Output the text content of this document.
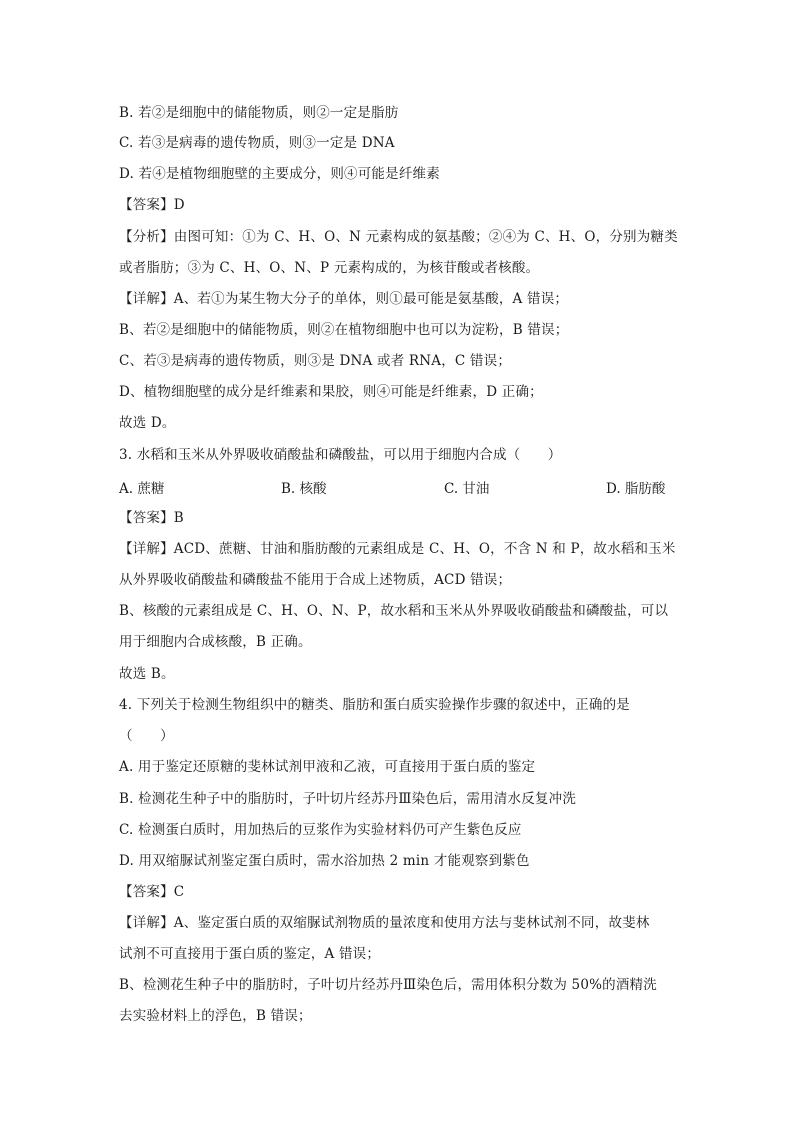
B. 若②是细胞中的储能物质，则②一定是脂肪
C. 若③是病毒的遗传物质，则③一定是 DNA
D. 若④是植物细胞壁的主要成分，则④可能是纤维素
【答案】D
【分析】由图可知：①为 C、H、O、N 元素构成的氨基酸；②④为 C、H、O，分别为糖类
或者脂肪；③为 C、H、O、N、P 元素构成的，为核苷酸或者核酸。
【详解】A、若①为某生物大分子的单体，则①最可能是氨基酸，A 错误；
B、若②是细胞中的储能物质，则②在植物细胞中也可以为淀粉，B 错误；
C、若③是病毒的遗传物质，则③是 DNA 或者 RNA，C 错误；
D、植物细胞壁的成分是纤维素和果胶，则④可能是纤维素，D 正确；
故选 D。
3. 水稻和玉米从外界吸收硝酸盐和磷酸盐，可以用于细胞内合成（　　）
A. 蔗糖	B. 核酸	C. 甘油	D. 脂肪酸
【答案】B
【详解】ACD、蔗糖、甘油和脂肪酸的元素组成是 C、H、O，不含 N 和 P，故水稻和玉米
从外界吸收硝酸盐和磷酸盐不能用于合成上述物质，ACD 错误；
B、核酸的元素组成是 C、H、O、N、P，故水稻和玉米从外界吸收硝酸盐和磷酸盐，可以
用于细胞内合成核酸，B 正确。
故选 B。
4. 下列关于检测生物组织中的糖类、脂肪和蛋白质实验操作步骤的叙述中，正确的是
（　　）
A. 用于鉴定还原糖的斐林试剂甲液和乙液，可直接用于蛋白质的鉴定
B. 检测花生种子中的脂肪时，子叶切片经苏丹Ⅲ染色后，需用清水反复冲洗
C. 检测蛋白质时，用加热后的豆浆作为实验材料仍可产生紫色反应
D. 用双缩脲试剂鉴定蛋白质时，需水浴加热 2 min 才能观察到紫色
【答案】C
【详解】A、鉴定蛋白质的双缩脲试剂物质的量浓度和使用方法与斐林试剂不同，故斐林
试剂不可直接用于蛋白质的鉴定，A 错误；
B、检测花生种子中的脂肪时，子叶切片经苏丹Ⅲ染色后，需用体积分数为 50%的酒精洗
去实验材料上的浮色，B 错误；
